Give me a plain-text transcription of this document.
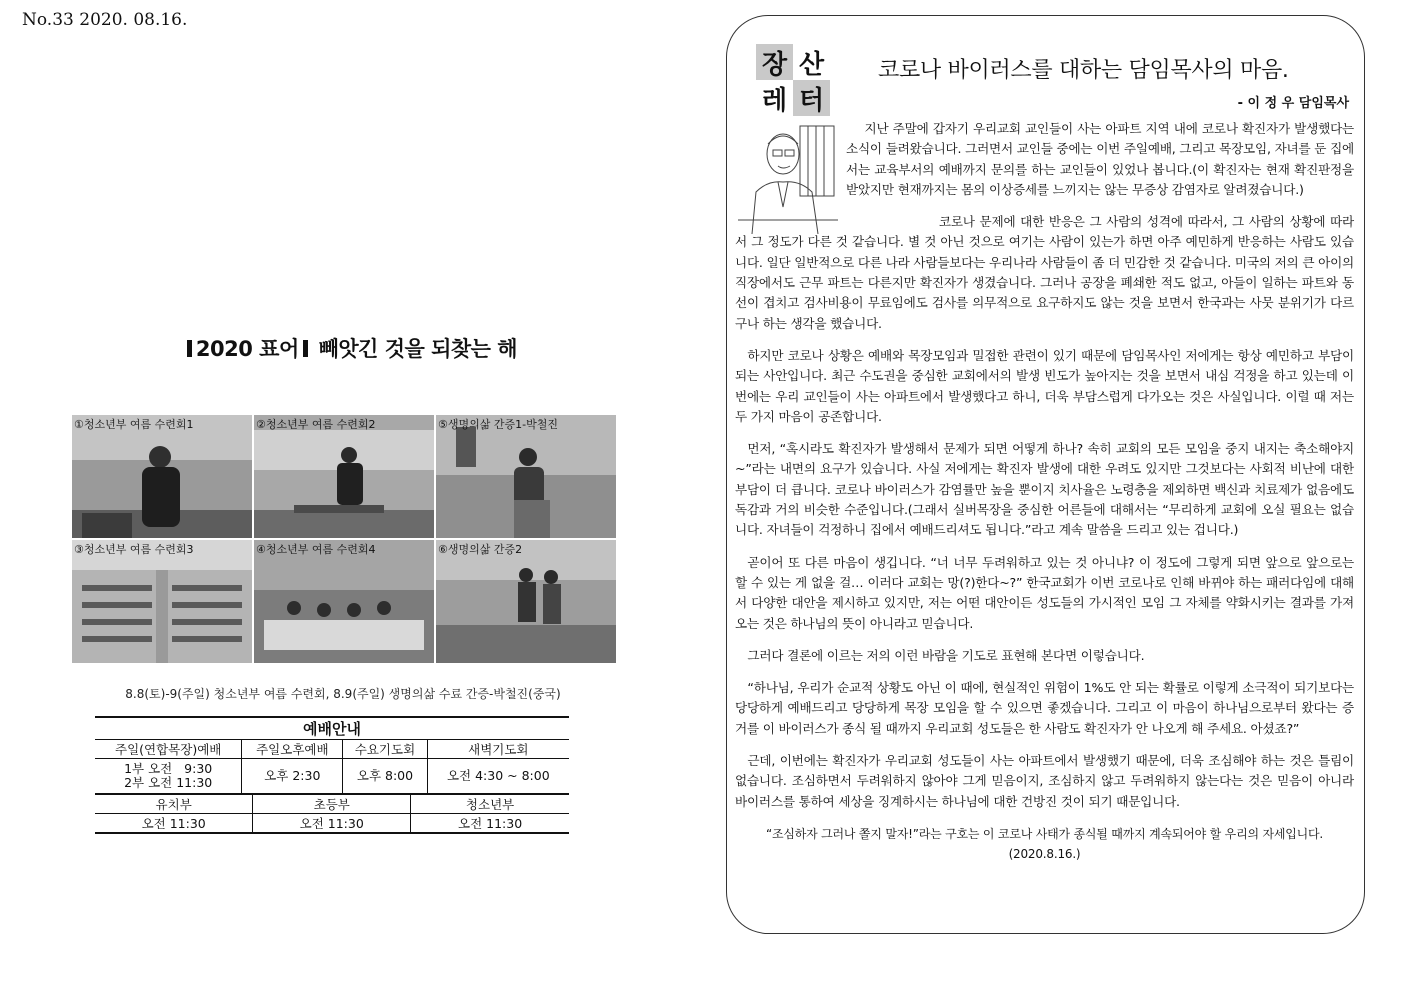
No.33 2020. 08.16.
2020 표어 빼앗긴 것을 되찾는 해
①청소년부 여름 수련회1	②청소년부 여름 수련회2	⑤생명의삶 간증1-박철진
③청소년부 여름 수련회3	④청소년부 여름 수련회4	⑥생명의삶 간증2
8.8(토)-9(주일) 청소년부 여름 수련회, 8.9(주일) 생명의삶 수료 간증-박철진(중국)
예배안내			
주일(연합목장)예배	주일오후예배	수요기도회	새벽기도회

1부 오전   9:30
2부 오전 11:30	오후 2:30	오후 8:00	오전 4:30 ~ 8:00
유치부	초등부	청소년부
오전 11:30	오전 11:30	오전 11:30
장 산
레 터
코로나 바이러스를 대하는 담임목사의 마음.
- 이 정 우 담임목사

  지난 주말에 갑자기 우리교회 교인들이 사는 아파트 지역 내에 코로나 확진자가 발생했다는 소식이 들려왔습니다. 그러면서 교인들 중에는 이번 주일예배, 그리고 목장모임, 자녀를 둔 집에서는 교육부서의 예배까지 문의를 하는 교인들이 있었나 봅니다.(이 확진자는 현재 확진판정을 받았지만 현재까지는 몸의 이상증세를 느끼지는 않는 무증상 감염자로 알려졌습니다.)

        코로나 문제에 대한 반응은 그 사람의 성격에 따라서, 그 사람의 상황에 따라서 그 정도가 다른 것 같습니다. 별 것 아닌 것으로 여기는 사람이 있는가 하면 아주 예민하게 반응하는 사람도 있습니다. 일단 일반적으로 다른 나라 사람들보다는 우리나라 사람들이 좀 더 민감한 것 같습니다. 미국의 저의 큰 아이의 직장에서도 근무 파트는 다른지만 확진자가 생겼습니다. 그러나 공장을 폐쇄한 적도 없고, 아들이 일하는 파트와 동선이 겹치고 검사비용이 무료임에도 검사를 의무적으로 요구하지도 않는 것을 보면서 한국과는 사뭇 분위기가 다르구나 하는 생각을 했습니다.

 하지만 코로나 상황은 예배와 목장모임과 밀접한 관련이 있기 때문에 담임목사인 저에게는 항상 예민하고 부담이 되는 사안입니다. 최근 수도권을 중심한 교회에서의 발생 빈도가 높아지는 것을 보면서 내심 걱정을 하고 있는데 이번에는 우리 교인들이 사는 아파트에서 발생했다고 하니, 더욱 부담스럽게 다가오는 것은 사실입니다. 이럴 때 저는 두 가지 마음이 공존합니다.

 먼저, “혹시라도 확진자가 발생해서 문제가 되면 어떻게 하나? 속히 교회의 모든 모임을 중지 내지는 축소해야지~”라는 내면의 요구가 있습니다. 사실 저에게는 확진자 발생에 대한 우려도 있지만 그것보다는 사회적 비난에 대한 부담이 더 큽니다. 코로나 바이러스가 감염률만 높을 뿐이지 치사율은 노령층을 제외하면 백신과 치료제가 없음에도 독감과 거의 비슷한 수준입니다.(그래서 실버목장을 중심한 어른들에 대해서는 “무리하게 교회에 오실 필요는 없습니다. 자녀들이 걱정하니 집에서 예배드리셔도 됩니다.”라고 계속 말씀을 드리고 있는 겁니다.)

 곧이어 또 다른 마음이 생깁니다. “너 너무 두려워하고 있는 것 아니냐? 이 정도에 그렇게 되면 앞으로 앞으로는 할 수 있는 게 없을 걸… 이러다 교회는 망(?)한다~?” 한국교회가 이번 코로나로 인해 바뀌야 하는 패러다임에 대해서 다양한 대안을 제시하고 있지만, 저는 어떤 대안이든 성도들의 가시적인 모임 그 자체를 약화시키는 결과를 가져오는 것은 하나님의 뜻이 아니라고 믿습니다.

 그러다 결론에 이르는 저의 이런 바람을 기도로 표현해 본다면 이렇습니다.

 “하나님, 우리가 순교적 상황도 아닌 이 때에, 현실적인 위험이 1%도 안 되는 확률로 이렇게 소극적이 되기보다는 당당하게 예배드리고 당당하게 목장 모임을 할 수 있으면 좋겠습니다. 그리고 이 마음이 하나님으로부터 왔다는 증거를 이 바이러스가 종식 될 때까지 우리교회 성도들은 한 사람도 확진자가 안 나오게 해 주세요. 아셨죠?”

 근데, 이번에는 확진자가 우리교회 성도들이 사는 아파트에서 발생했기 때문에, 더욱 조심해야 하는 것은 틀림이 없습니다. 조심하면서 두려워하지 않아야 그게 믿음이지, 조심하지 않고 두려워하지 않는다는 것은 믿음이 아니라 바이러스를 통하여 세상을 징계하시는 하나님에 대한 건방진 것이 되기 때문입니다.

“조심하자 그러나 쫄지 말자!”라는 구호는 이 코로나 사태가 종식될 때까지 계속되어야 할 우리의 자세입니다.(2020.8.16.)
